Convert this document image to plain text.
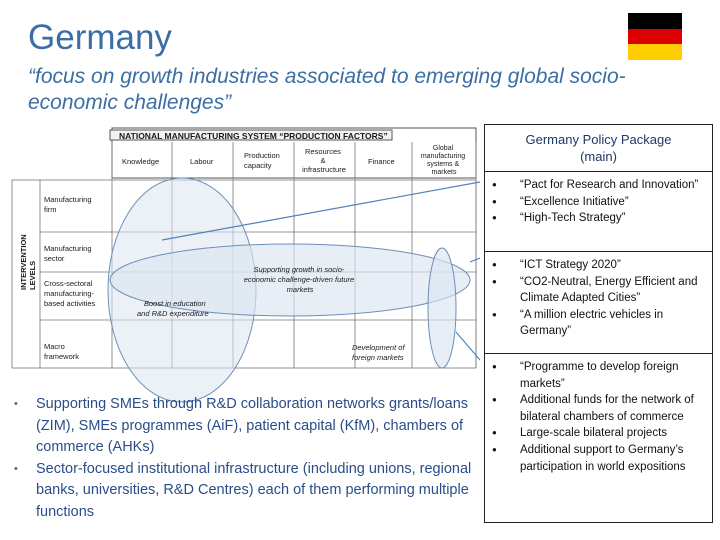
Germany
“focus on growth industries associated to emerging global socio-economic challenges”
NATIONAL MANUFACTURING SYSTEM “PRODUCTION FACTORS”
Knowledge	Labour
Production capacity
Resources & infrastructure
Finance
Global manufacturing systems & markets
INTERVENTION LEVELS
Manufacturing firm
Manufacturing sector
Cross-sectoral manufacturing-based activities
Macro framework
Supporting growth in socio- economic challenge-driven future markets
Boost in education and R&D expenditure
Development of foreign markets
•	Supporting SMEs through R&D collaboration networks grants/loans (ZIM), SMEs programmes (AiF), patient capital (KfM), chambers of commerce (AHKs)
•	Sector-focused institutional infrastructure (including unions, regional banks, universities, R&D Centres) each of them performing multiple functions
Germany Policy Package (main)
●	“Pact for Research and Innovation”
●	“Excellence Initiative”
●	“High-Tech Strategy”
●	“ICT Strategy 2020”
●	“CO2-Neutral, Energy Efficient and Climate Adapted Cities”
●	“A million electric vehicles in Germany”
●	“Programme to develop foreign markets”
●	Additional funds for the network of bilateral chambers of commerce
●	Large-scale bilateral projects
●	Additional support to Germany’s participation in world expositions
